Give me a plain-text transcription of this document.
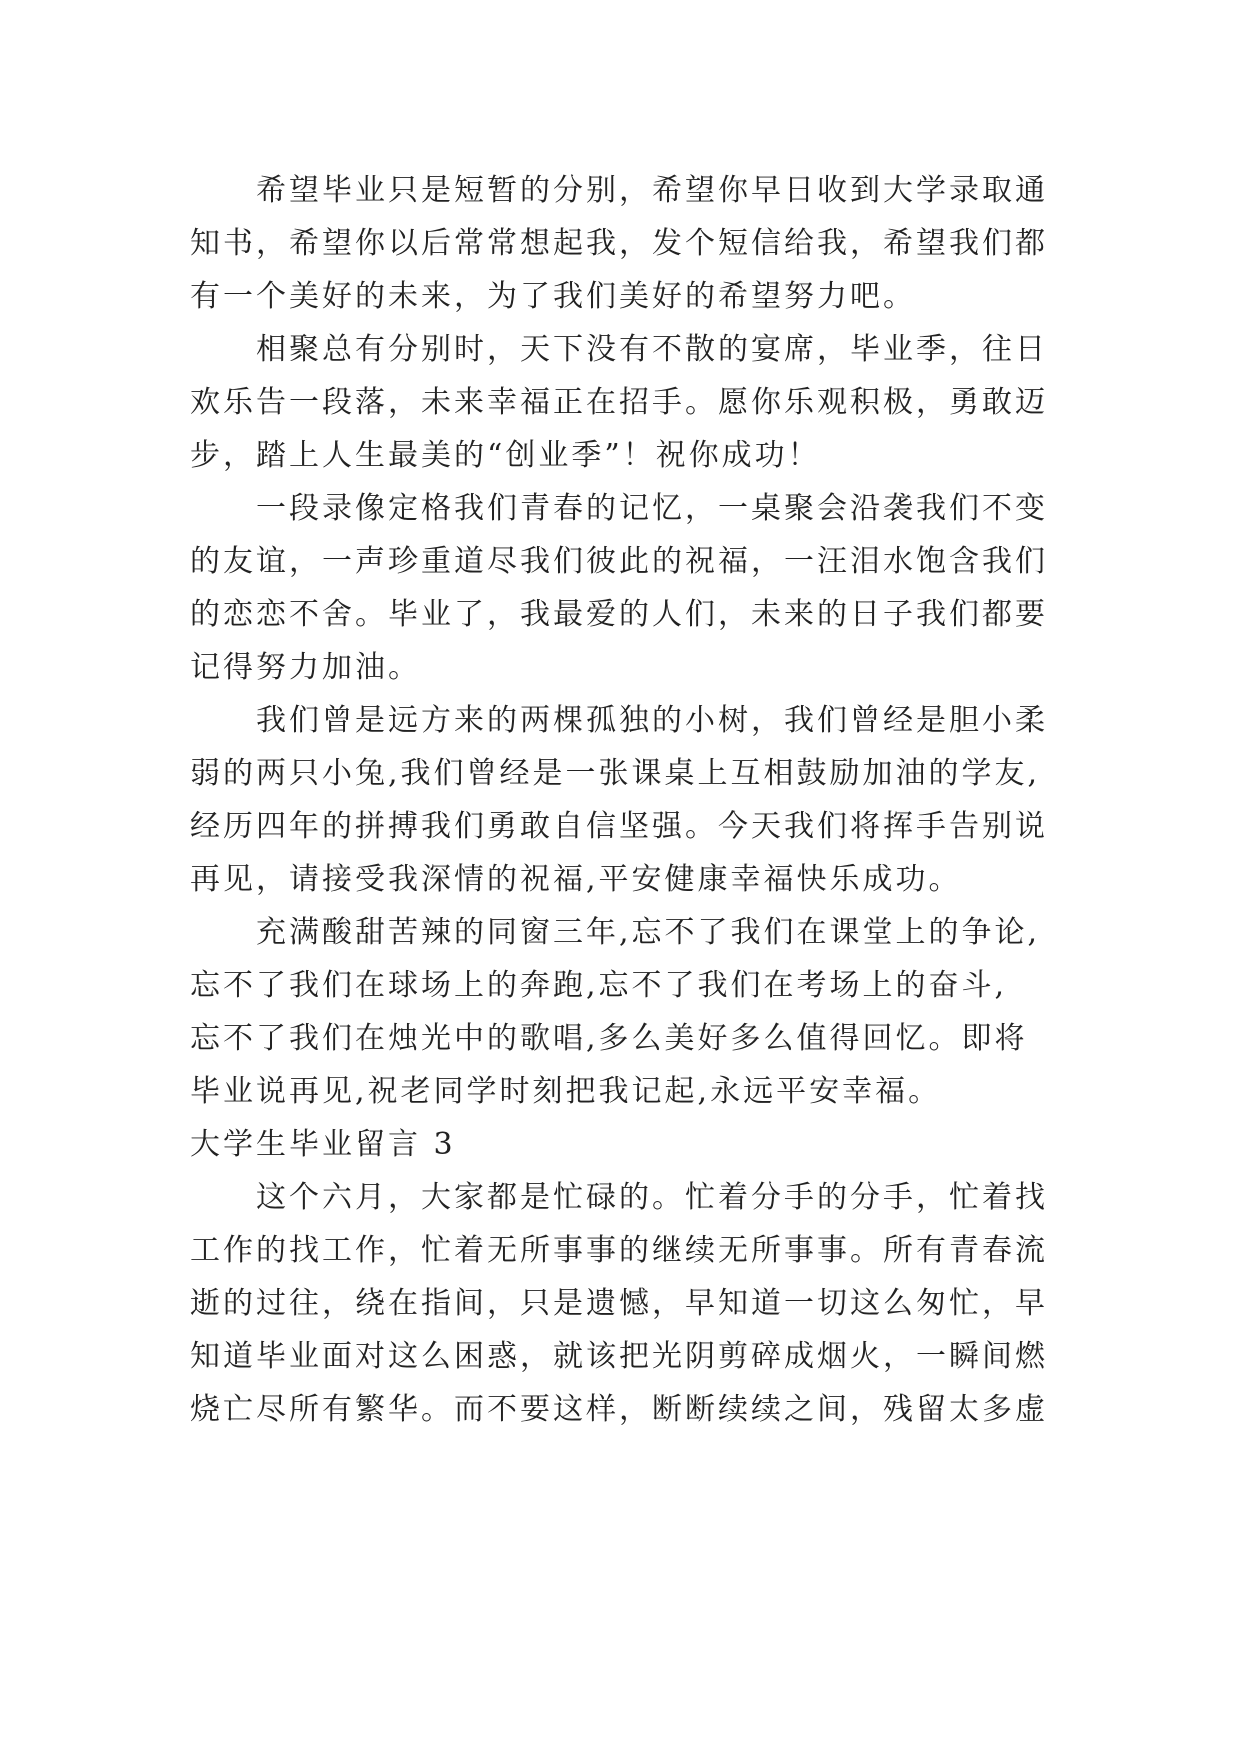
希望毕业只是短暂的分别，希望你早日收到大学录取通
知书，希望你以后常常想起我，发个短信给我，希望我们都
有一个美好的未来，为了我们美好的希望努力吧。
相聚总有分别时，天下没有不散的宴席，毕业季，往日
欢乐告一段落，未来幸福正在招手。愿你乐观积极，勇敢迈
步，踏上人生最美的“创业季”！祝你成功！
一段录像定格我们青春的记忆，一桌聚会沿袭我们不变
的友谊，一声珍重道尽我们彼此的祝福，一汪泪水饱含我们
的恋恋不舍。毕业了，我最爱的人们，未来的日子我们都要
记得努力加油。
我们曾是远方来的两棵孤独的小树，我们曾经是胆小柔
弱的两只小兔,我们曾经是一张课桌上互相鼓励加油的学友,
经历四年的拼搏我们勇敢自信坚强。今天我们将挥手告别说
再见，请接受我深情的祝福,平安健康幸福快乐成功。
充满酸甜苦辣的同窗三年,忘不了我们在课堂上的争论,
忘不了我们在球场上的奔跑,忘不了我们在考场上的奋斗,
忘不了我们在烛光中的歌唱,多么美好多么值得回忆。即将
毕业说再见,祝老同学时刻把我记起,永远平安幸福。
大学生毕业留言 3
这个六月，大家都是忙碌的。忙着分手的分手，忙着找
工作的找工作，忙着无所事事的继续无所事事。所有青春流
逝的过往，绕在指间，只是遗憾，早知道一切这么匆忙，早
知道毕业面对这么困惑，就该把光阴剪碎成烟火，一瞬间燃
烧亡尽所有繁华。而不要这样，断断续续之间，残留太多虚
